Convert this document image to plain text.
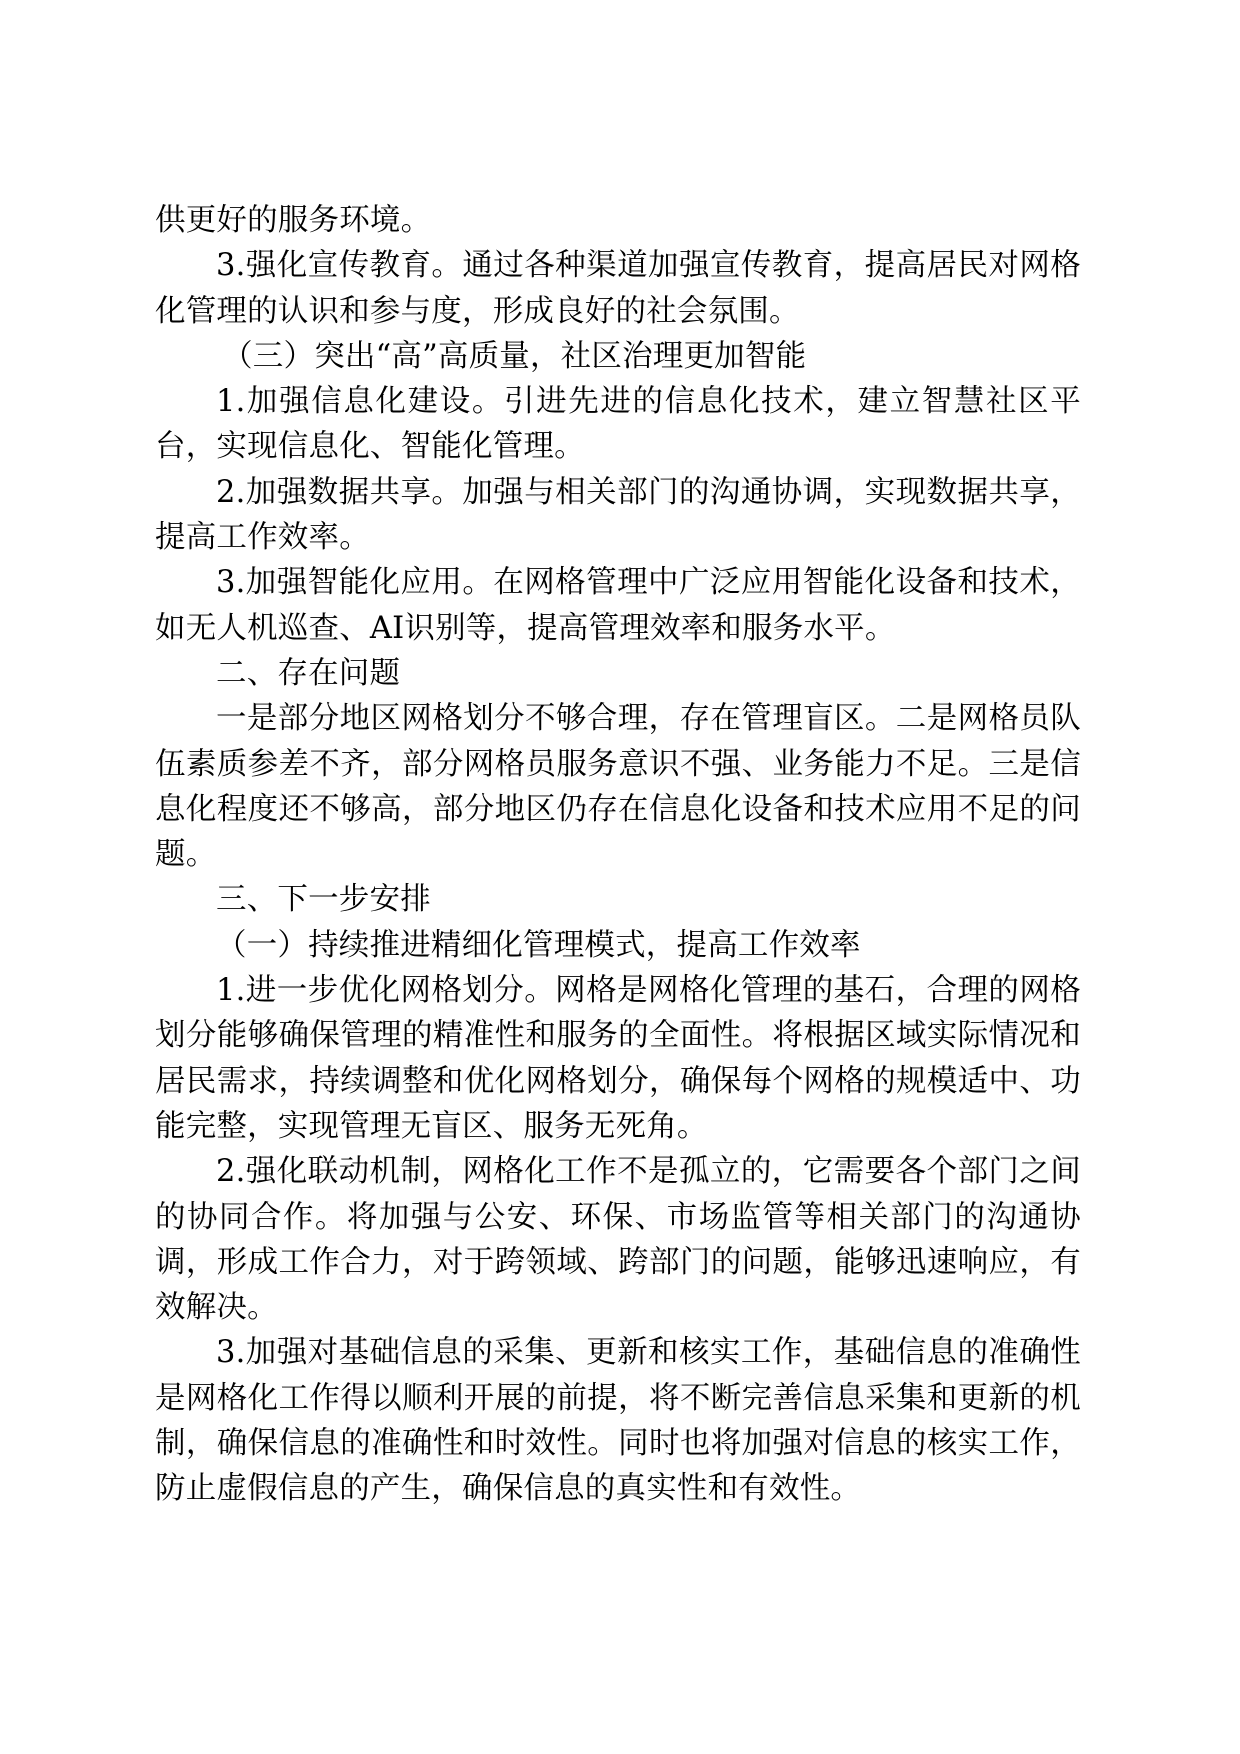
供更好的服务环境。

3.强化宣传教育。通过各种渠道加强宣传教育，提高居民对网格化管理的认识和参与度，形成良好的社会氛围。

（三）突出“高”高质量，社区治理更加智能

1.加强信息化建设。引进先进的信息化技术，建立智慧社区平台，实现信息化、智能化管理。

2.加强数据共享。加强与相关部门的沟通协调，实现数据共享，提高工作效率。

3.加强智能化应用。在网格管理中广泛应用智能化设备和技术，如无人机巡查、AI识别等，提高管理效率和服务水平。

二、存在问题

一是部分地区网格划分不够合理，存在管理盲区。二是网格员队伍素质参差不齐，部分网格员服务意识不强、业务能力不足。三是信息化程度还不够高，部分地区仍存在信息化设备和技术应用不足的问题。

三、下一步安排

（一）持续推进精细化管理模式，提高工作效率

1.进一步优化网格划分。网格是网格化管理的基石，合理的网格划分能够确保管理的精准性和服务的全面性。将根据区域实际情况和居民需求，持续调整和优化网格划分，确保每个网格的规模适中、功能完整，实现管理无盲区、服务无死角。

2.强化联动机制，网格化工作不是孤立的，它需要各个部门之间的协同合作。将加强与公安、环保、市场监管等相关部门的沟通协调，形成工作合力，对于跨领域、跨部门的问题，能够迅速响应，有效解决。

3.加强对基础信息的采集、更新和核实工作，基础信息的准确性是网格化工作得以顺利开展的前提，将不断完善信息采集和更新的机制，确保信息的准确性和时效性。同时也将加强对信息的核实工作，防止虚假信息的产生，确保信息的真实性和有效性。
